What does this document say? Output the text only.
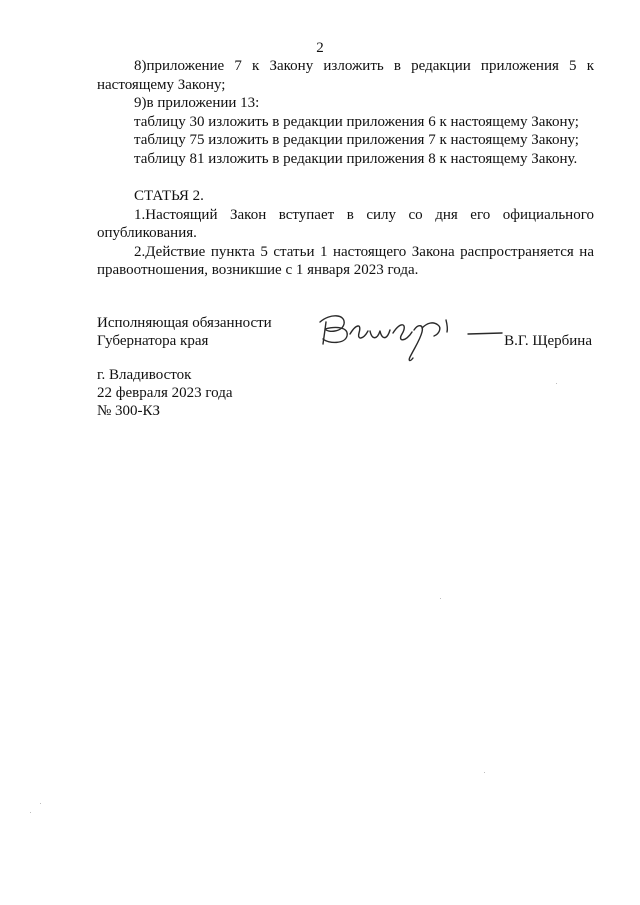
2

8)приложение 7 к Закону изложить в редакции приложения 5 к

настоящему Закону;

9)в приложении 13:

таблицу 30 изложить в редакции приложения 6 к настоящему Закону;

таблицу 75 изложить в редакции приложения 7 к настоящему Закону;

таблицу 81 изложить в редакции приложения 8 к настоящему Закону.

СТАТЬЯ 2.

1.Настоящий Закон вступает в силу со дня его официального

опубликования.

2.Действие пункта 5 статьи 1 настоящего Закона распространяется на

правоотношения, возникшие с 1 января 2023 года.

Исполняющая обязанности
Губернатора края	В.Г. Щербина
г. Владивосток
22 февраля 2023 года
№ 300-КЗ
